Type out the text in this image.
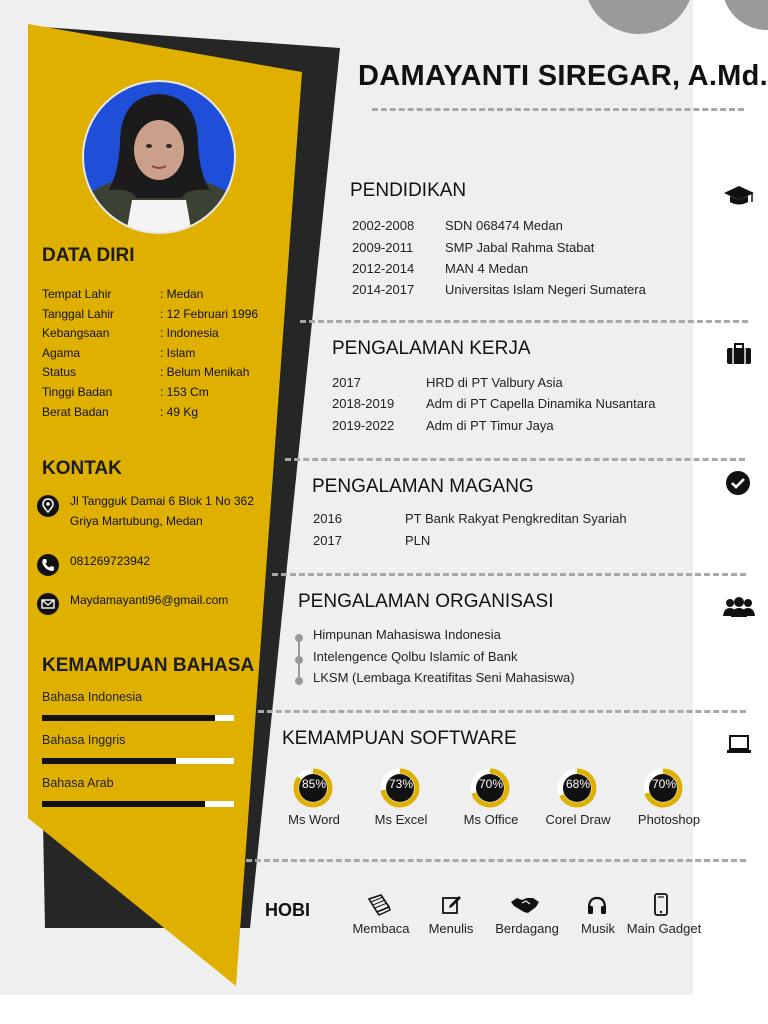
DATA DIRI
Tempat Lahir	: Medan
Tanggal Lahir	: 12 Februari 1996
Kebangsaan	: Indonesia
Agama	: Islam
Status	: Belum Menikah
Tinggi Badan	: 153 Cm
Berat Badan	: 49 Kg
KONTAK
Jl Tangguk Damai 6 Blok 1 No 362
Griya Martubung, Medan
081269723942
Maydamayanti96@gmail.com
KEMAMPUAN BAHASA
Bahasa Indonesia
Bahasa Inggris
Bahasa Arab
DAMAYANTI SIREGAR, A.Md.
PENDIDIKAN
2002-2008 SDN 068474 Medan
2009-2011 SMP Jabal Rahma Stabat
2012-2014 MAN 4 Medan
2014-2017 Universitas Islam Negeri Sumatera
PENGALAMAN KERJA
2017	HRD di PT Valbury Asia
2018-2019 Adm di PT Capella Dinamika Nusantara
2019-2022 Adm di PT Timur Jaya
PENGALAMAN MAGANG
2016	PT Bank Rakyat Pengkreditan Syariah
2017	PLN
PENGALAMAN ORGANISASI
Himpunan Mahasiswa Indonesia
Intelengence Qolbu Islamic of Bank
LKSM (Lembaga Kreatifitas Seni Mahasiswa)
KEMAMPUAN SOFTWARE
85%
Ms Word
73%
Ms Excel
70%
Ms Office
68%
Corel Draw
70%
Photoshop
HOBI
Membaca	Menulis	Berdagang	Musik Main Gadget
